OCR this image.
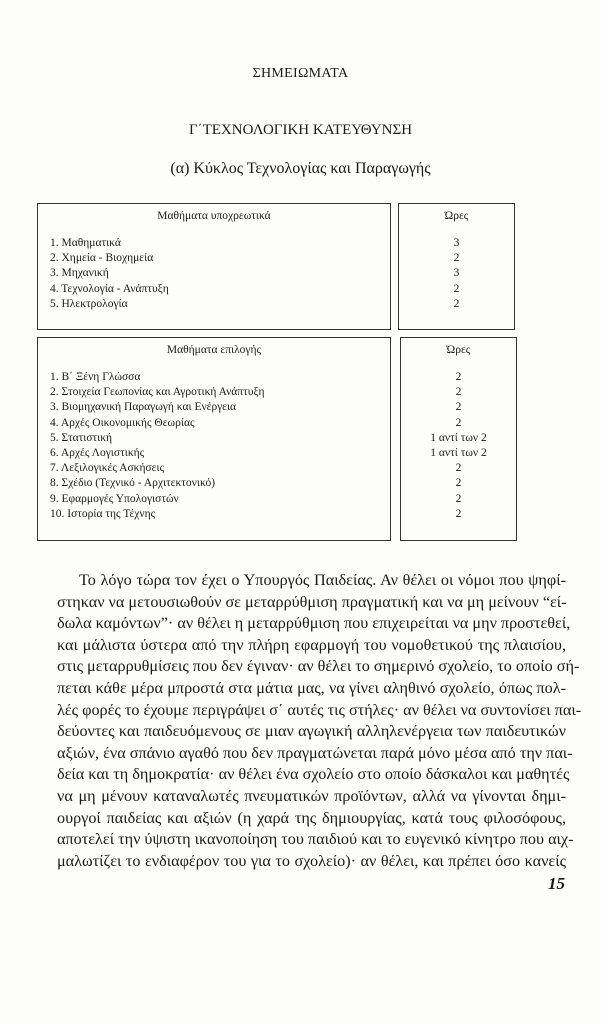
ΣΗΜΕΙΩΜΑΤΑ
Γ΄ΤΕΧΝΟΛΟΓΙΚΗ ΚΑΤΕΥΘΥΝΣΗ
(α) Κύκλος Τεχνολογίας και Παραγωγής
Μαθήματα υποχρεωτικά
1. Μαθηματικά
2. Χημεία - Βιοχημεία
3. Μηχανική
4. Τεχνολογία - Ανάπτυξη
5. Ηλεκτρολογία
Ώρες
3
2
3
2
2
Μαθήματα επιλογής
1. Β΄ Ξένη Γλώσσα
2. Στοιχεία Γεωπονίας και Αγροτική Ανάπτυξη
3. Βιομηχανική Παραγωγή και Ενέργεια
4. Αρχές Οικονομικής Θεωρίας
5. Στατιστική
6. Αρχές Λογιστικής
7. Λεξιλογικές Ασκήσεις
8. Σχέδιο (Τεχνικό - Αρχιτεκτονικό)
9. Εφαρμογές Υπολογιστών
10. Ιστορία της Τέχνης
Ώρες
2
2
2
2
1 αντί των 2
1 αντί των 2
2
2
2
2
Το λόγο τώρα τον έχει ο Υπουργός Παιδείας. Αν θέλει οι νόμοι που ψηφί-
στηκαν να μετουσιωθούν σε μεταρρύθμιση πραγματική και να μη μείνουν “εί-
δωλα καμόντων”· αν θέλει η μεταρρύθμιση που επιχειρείται να μην προστεθεί,
και μάλιστα ύστερα από την πλήρη εφαρμογή του νομοθετικού της πλαισίου,
στις μεταρρυθμίσεις που δεν έγιναν· αν θέλει το σημερινό σχολείο, το οποίο σή-
πεται κάθε μέρα μπροστά στα μάτια μας, να γίνει αληθινό σχολείο, όπως πολ-
λές φορές το έχουμε περιγράψει σ΄ αυτές τις στήλες· αν θέλει να συντονίσει παι-
δεύοντες και παιδευόμενους σε μιαν αγωγική αλληλενέργεια των παιδευτικών
αξιών, ένα σπάνιο αγαθό που δεν πραγματώνεται παρά μόνο μέσα από την παι-
δεία και τη δημοκρατία· αν θέλει ένα σχολείο στο οποίο δάσκαλοι και μαθητές
να μη μένουν καταναλωτές πνευματικών προϊόντων, αλλά να γίνονται δημι-
ουργοί παιδείας και αξιών (η χαρά της δημιουργίας, κατά τους φιλοσόφους,
αποτελεί την ύψιστη ικανοποίηση του παιδιού και το ευγενικό κίνητρο που αιχ-
μαλωτίζει το ενδιαφέρον του για το σχολείο)· αν θέλει, και πρέπει όσο κανείς
15
